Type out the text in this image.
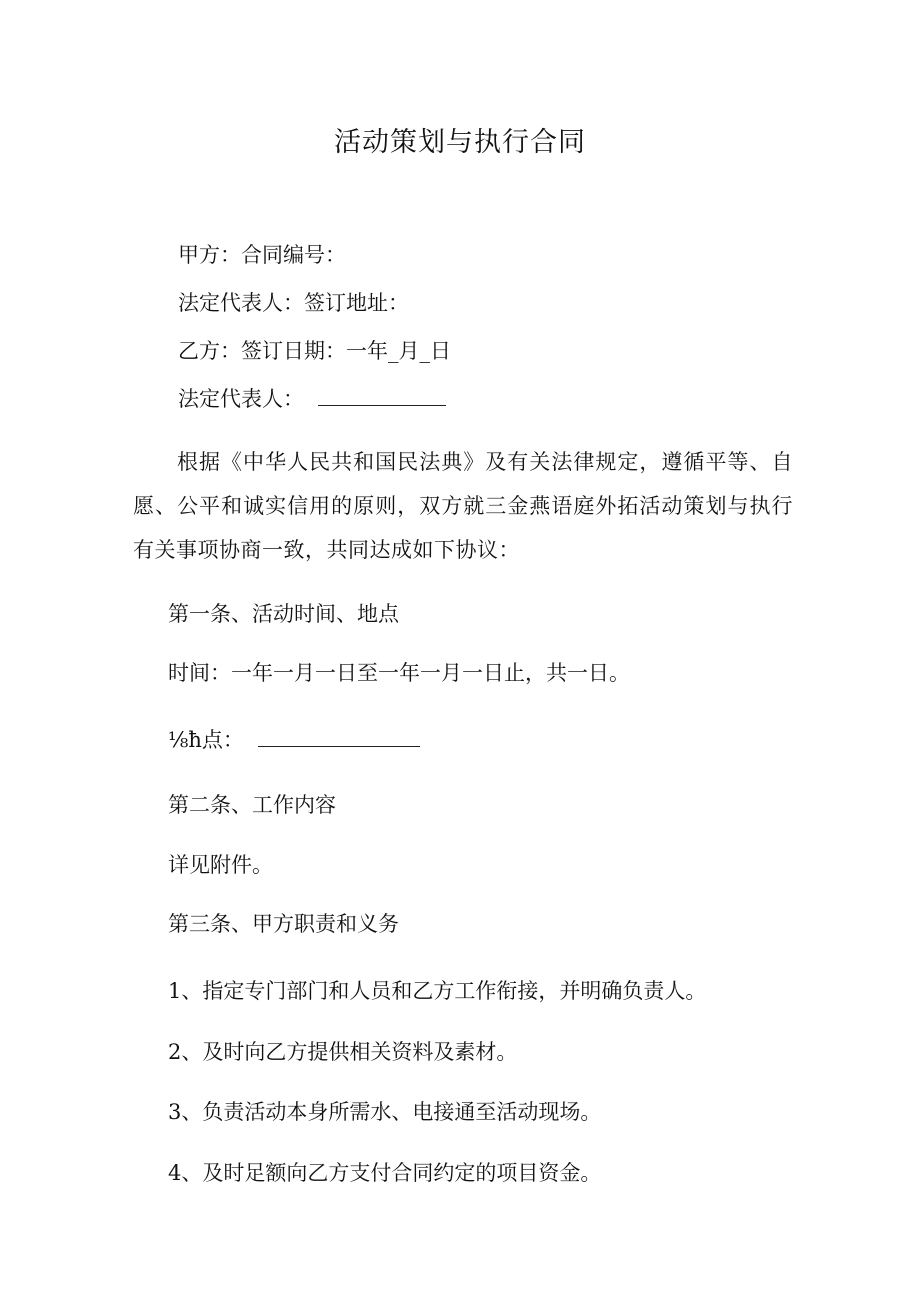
活动策划与执行合同
甲方：合同编号：
法定代表人：签订地址：
乙方：签订日期：一年_月_日
法定代表人：
根据《中华人民共和国民法典》及有关法律规定，遵循平等、自愿、公平和诚实信用的原则，双方就三金燕语庭外拓活动策划与执行有关事项协商一致，共同达成如下协议：
第一条、活动时间、地点
时间：一年一月一日至一年一月一日止，共一日。
⅛ħ点：
第二条、工作内容
详见附件。
第三条、甲方职责和义务
1、指定专门部门和人员和乙方工作衔接，并明确负责人。
2、及时向乙方提供相关资料及素材。
3、负责活动本身所需水、电接通至活动现场。
4、及时足额向乙方支付合同约定的项目资金。
